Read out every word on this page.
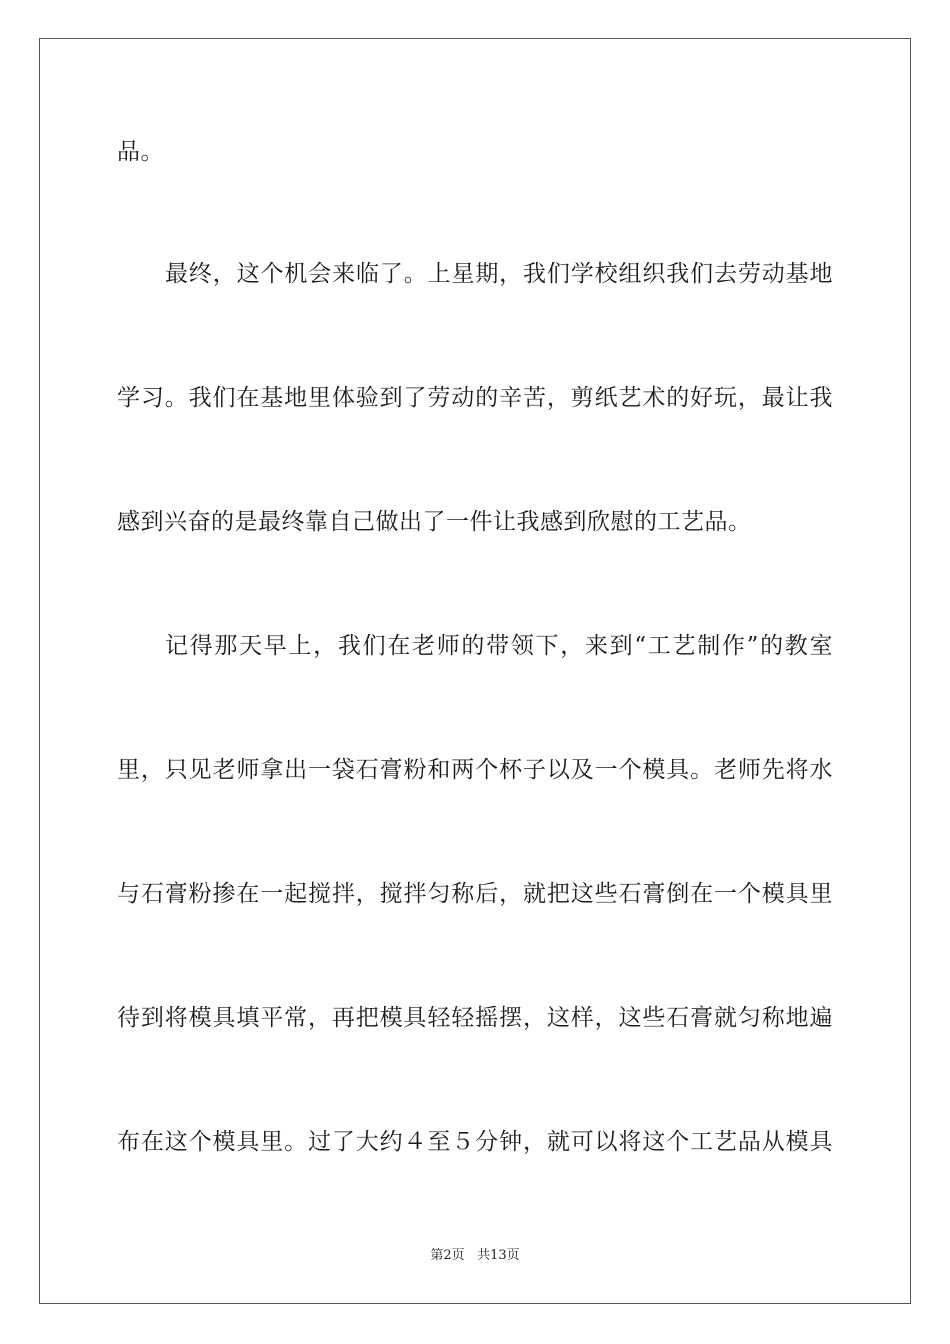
品。
最终，这个机会来临了。上星期，我们学校组织我们去劳动基地
学习。我们在基地里体验到了劳动的辛苦，剪纸艺术的好玩，最让我
感到兴奋的是最终靠自己做出了一件让我感到欣慰的工艺品。
记得那天早上，我们在老师的带领下，来到“工艺制作”的教室
里，只见老师拿出一袋石膏粉和两个杯子以及一个模具。老师先将水
与石膏粉掺在一起搅拌，搅拌匀称后，就把这些石膏倒在一个模具里
待到将模具填平常，再把模具轻轻摇摆，这样，这些石膏就匀称地遍
布在这个模具里。过了大约４至５分钟，就可以将这个工艺品从模具
第2页 共13页
